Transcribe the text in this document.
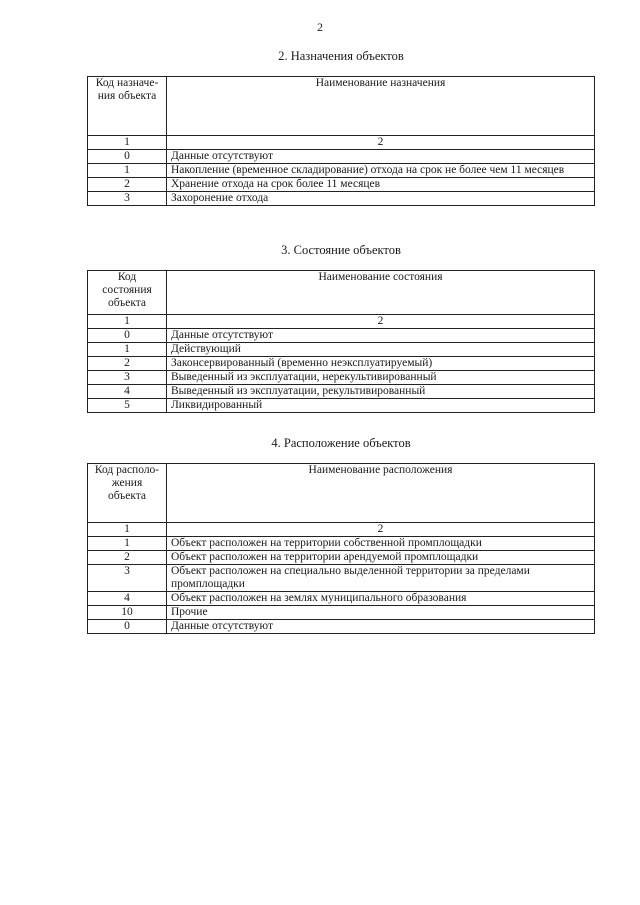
2
2. Назначения объектов
Код назначе-ния объекта	Наименование назначения
1	2
0	Данные отсутствуют
1	Накопление (временное складирование) отхода на срок не более чем 11 месяцев
2	Хранение отхода на срок более 11 месяцев
3	Захоронение отхода
3. Состояние объектов
Код состояния объекта	Наименование состояния
1	2
0	Данные отсутствуют
1	Действующий
2	Законсервированный (временно неэксплуатируемый)
3	Выведенный из эксплуатации, нерекультивированный
4	Выведенный из эксплуатации, рекультивированный
5	Ликвидированный
4. Расположение объектов
Код располо-жения объекта	Наименование расположения
1	2
1	Объект расположен на территории собственной промплощадки
2	Объект расположен на территории арендуемой промплощадки
3	Объект расположен на специально выделенной территории за пределами промплощадки
4	Объект расположен на землях муниципального образования
10	Прочие
0	Данные отсутствуют
